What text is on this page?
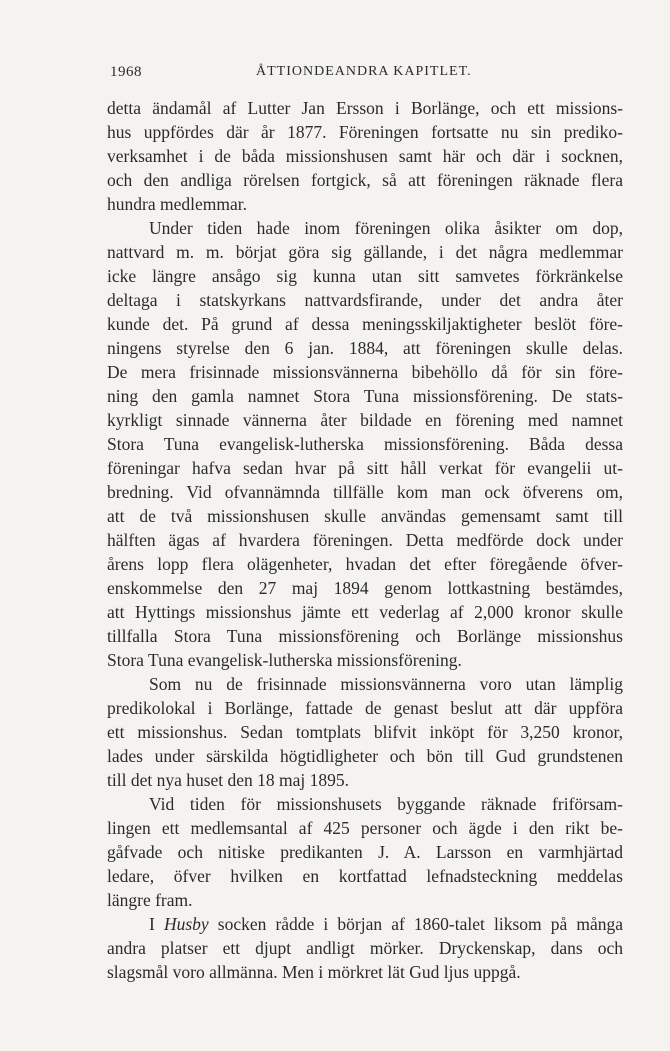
1968	ÅTTIONDEANDRA KAPITLET.
detta ändamål af Lutter Jan Ersson i Borlänge, och ett missions-
hus uppfördes där år 1877. Föreningen fortsatte nu sin prediko-
verksamhet i de båda missionshusen samt här och där i socknen,
och den andliga rörelsen fortgick, så att föreningen räknade flera
hundra medlemmar.
Under tiden hade inom föreningen olika åsikter om dop,
nattvard m. m. börjat göra sig gällande, i det några medlemmar
icke längre ansågo sig kunna utan sitt samvetes förkränkelse
deltaga i statskyrkans nattvardsfirande, under det andra åter
kunde det. På grund af dessa meningsskiljaktigheter beslöt före-
ningens styrelse den 6 jan. 1884, att föreningen skulle delas.
De mera frisinnade missionsvännerna bibehöllo då för sin före-
ning den gamla namnet Stora Tuna missionsförening. De stats-
kyrkligt sinnade vännerna åter bildade en förening med namnet
Stora Tuna evangelisk-lutherska missionsförening. Båda dessa
föreningar hafva sedan hvar på sitt håll verkat för evangelii ut-
bredning. Vid ofvannämnda tillfälle kom man ock öfverens om,
att de två missionshusen skulle användas gemensamt samt till
hälften ägas af hvardera föreningen. Detta medförde dock under
årens lopp flera olägenheter, hvadan det efter föregående öfver-
enskommelse den 27 maj 1894 genom lottkastning bestämdes,
att Hyttings missionshus jämte ett vederlag af 2,000 kronor skulle
tillfalla Stora Tuna missionsförening och Borlänge missionshus
Stora Tuna evangelisk-lutherska missionsförening.
Som nu de frisinnade missionsvännerna voro utan lämplig
predikolokal i Borlänge, fattade de genast beslut att där uppföra
ett missionshus. Sedan tomtplats blifvit inköpt för 3,250 kronor,
lades under särskilda högtidligheter och bön till Gud grundstenen
till det nya huset den 18 maj 1895.
Vid tiden för missionshusets byggande räknade friförsam-
lingen ett medlemsantal af 425 personer och ägde i den rikt be-
gåfvade och nitiske predikanten J. A. Larsson en varmhjärtad
ledare, öfver hvilken en kortfattad lefnadsteckning meddelas
längre fram.
I Husby socken rådde i början af 1860-talet liksom på många
andra platser ett djupt andligt mörker. Dryckenskap, dans och
slagsmål voro allmänna. Men i mörkret lät Gud ljus uppgå.
